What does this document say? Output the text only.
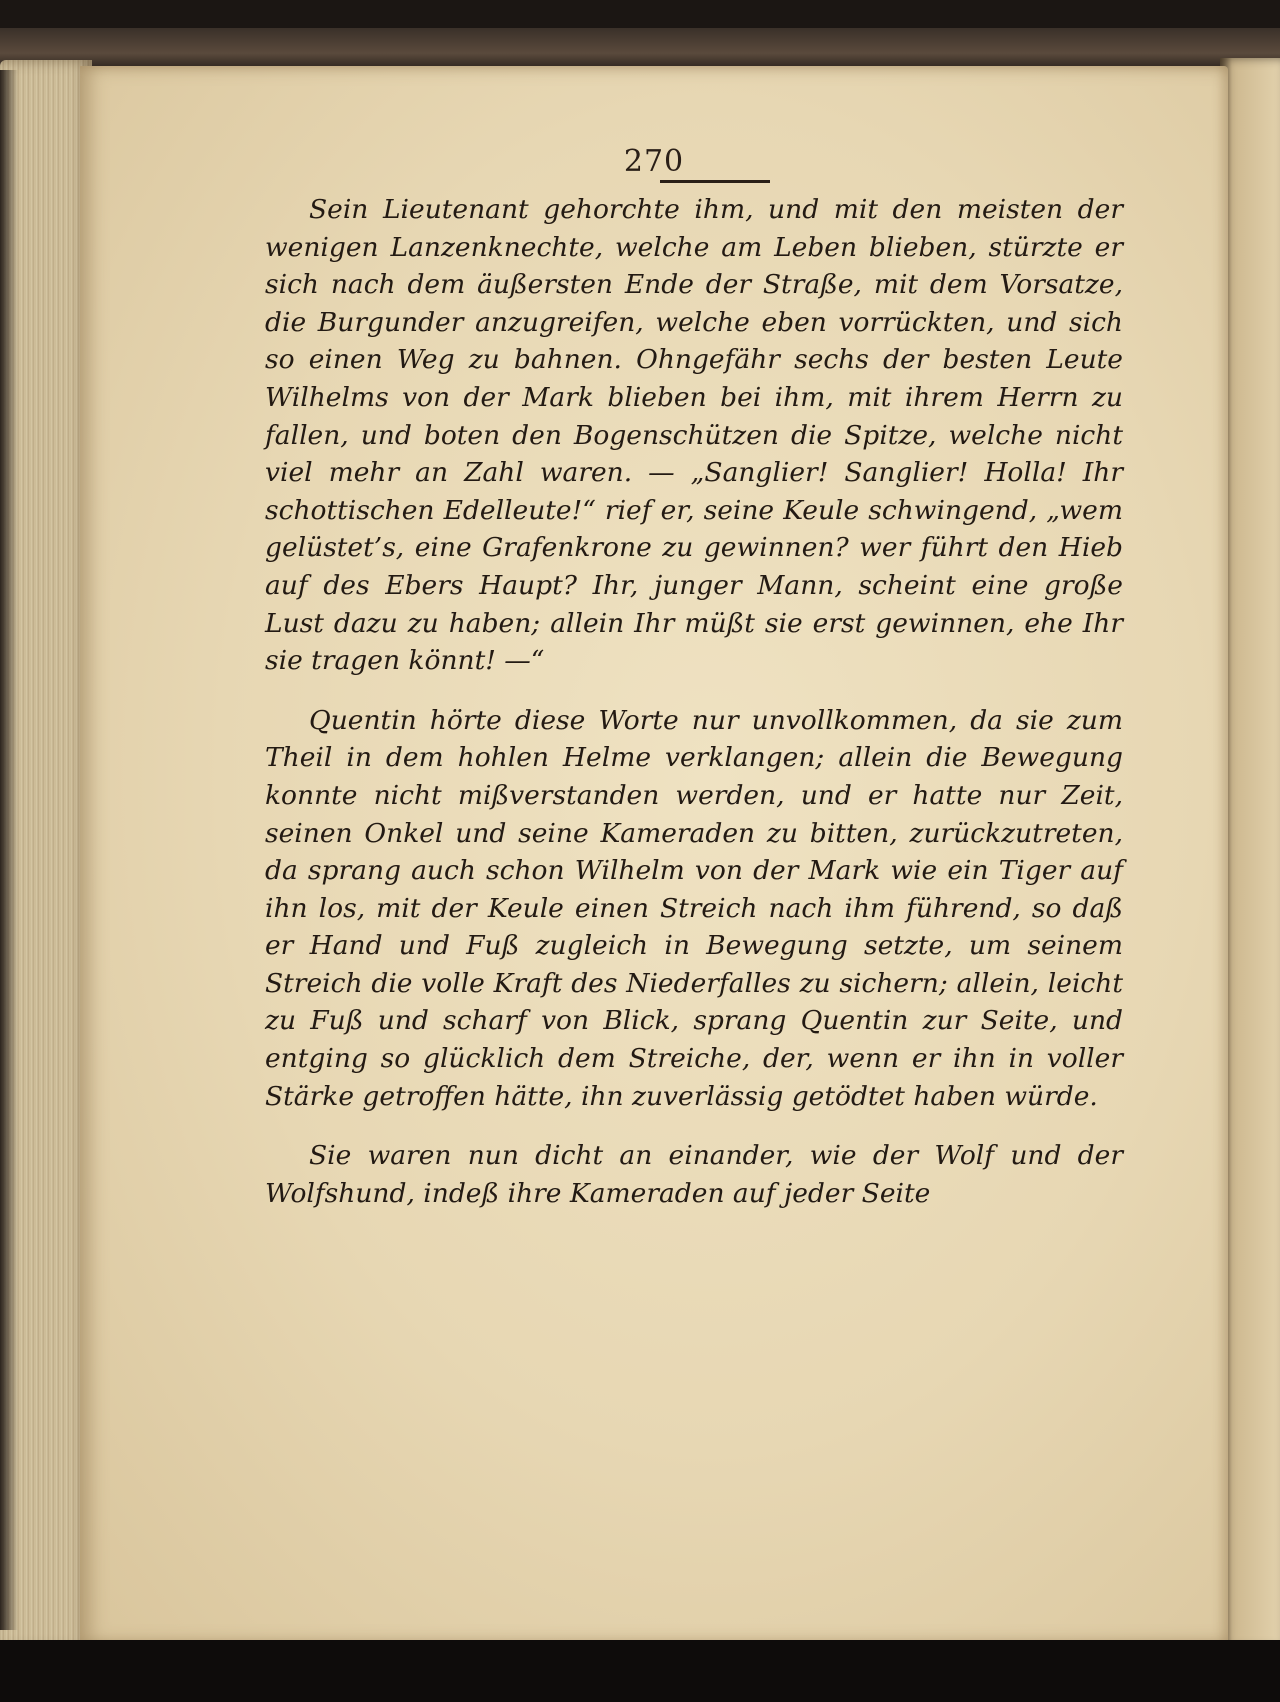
270

Sein Lieutenant gehorchte ihm, und mit den meisten der wenigen Lanzenknechte, welche am Leben blieben, stürzte er sich nach dem äußersten Ende der Straße, mit dem Vorsatze, die Burgunder anzugreifen, welche eben vorrückten, und sich so einen Weg zu bahnen. Ohngefähr sechs der besten Leute Wilhelms von der Mark blieben bei ihm, mit ihrem Herrn zu fallen, und boten den Bogenschützen die Spitze, welche nicht viel mehr an Zahl waren. — „Sanglier! Sanglier! Holla! Ihr schottischen Edelleute!“ rief er, seine Keule schwingend, „wem gelüstet’s, eine Grafenkrone zu gewinnen? wer führt den Hieb auf des Ebers Haupt? Ihr, junger Mann, scheint eine große Lust dazu zu haben; allein Ihr müßt sie erst gewinnen, ehe Ihr sie tragen könnt! —“

Quentin hörte diese Worte nur unvollkommen, da sie zum Theil in dem hohlen Helme verklangen; allein die Bewegung konnte nicht mißverstanden werden, und er hatte nur Zeit, seinen Onkel und seine Kameraden zu bitten, zurückzutreten, da sprang auch schon Wilhelm von der Mark wie ein Tiger auf ihn los, mit der Keule einen Streich nach ihm führend, so daß er Hand und Fuß zugleich in Bewegung setzte, um seinem Streich die volle Kraft des Niederfalles zu sichern; allein, leicht zu Fuß und scharf von Blick, sprang Quentin zur Seite, und entging so glücklich dem Streiche, der, wenn er ihn in voller Stärke getroffen hätte, ihn zuverlässig getödtet haben würde.

Sie waren nun dicht an einander, wie der Wolf und der Wolfshund, indeß ihre Kameraden auf jeder Seite
